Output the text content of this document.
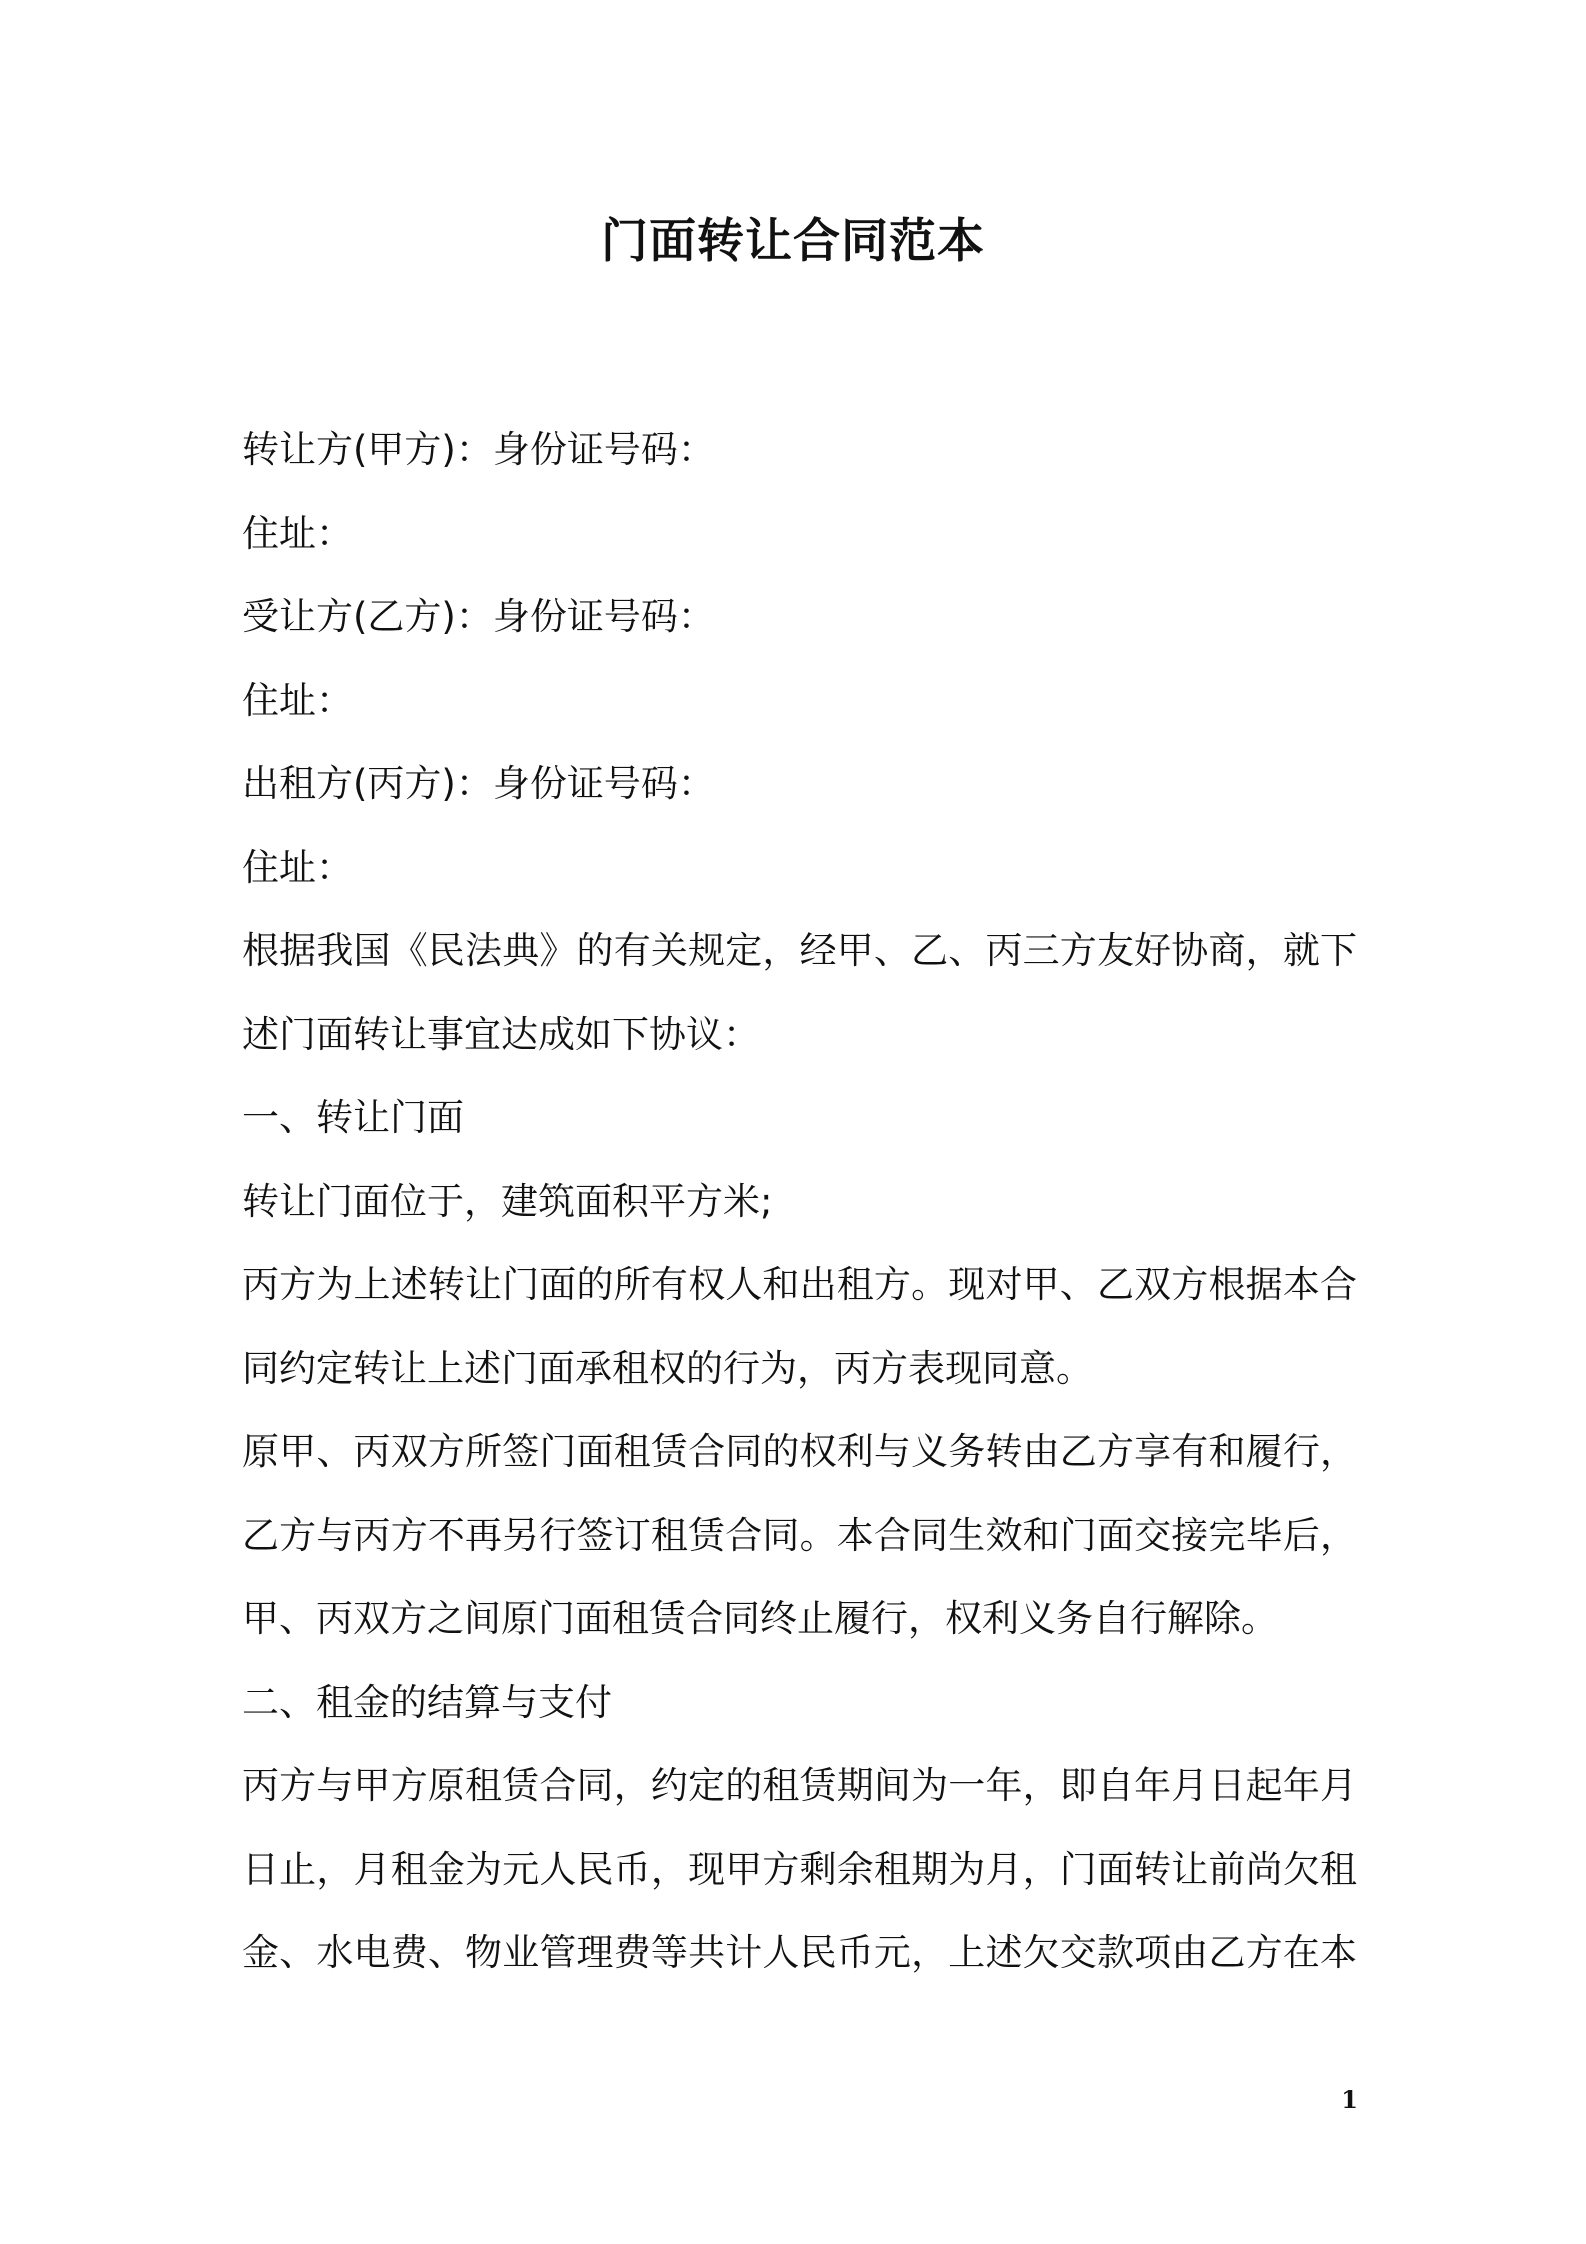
门面转让合同范本
转让方(甲方)：身份证号码：
住址：
受让方(乙方)：身份证号码：
住址：
出租方(丙方)：身份证号码：
住址：
根据我国《民法典》的有关规定，经甲、乙、丙三方友好协商，就下
述门面转让事宜达成如下协议：
一、转让门面
转让门面位于，建筑面积平方米;
丙方为上述转让门面的所有权人和出租方。现对甲、乙双方根据本合
同约定转让上述门面承租权的行为，丙方表现同意。
原甲、丙双方所签门面租赁合同的权利与义务转由乙方享有和履行，
乙方与丙方不再另行签订租赁合同。本合同生效和门面交接完毕后，
甲、丙双方之间原门面租赁合同终止履行，权利义务自行解除。
二、租金的结算与支付
丙方与甲方原租赁合同，约定的租赁期间为一年，即自年月日起年月
日止，月租金为元人民币，现甲方剩余租期为月，门面转让前尚欠租
金、水电费、物业管理费等共计人民币元，上述欠交款项由乙方在本
1
